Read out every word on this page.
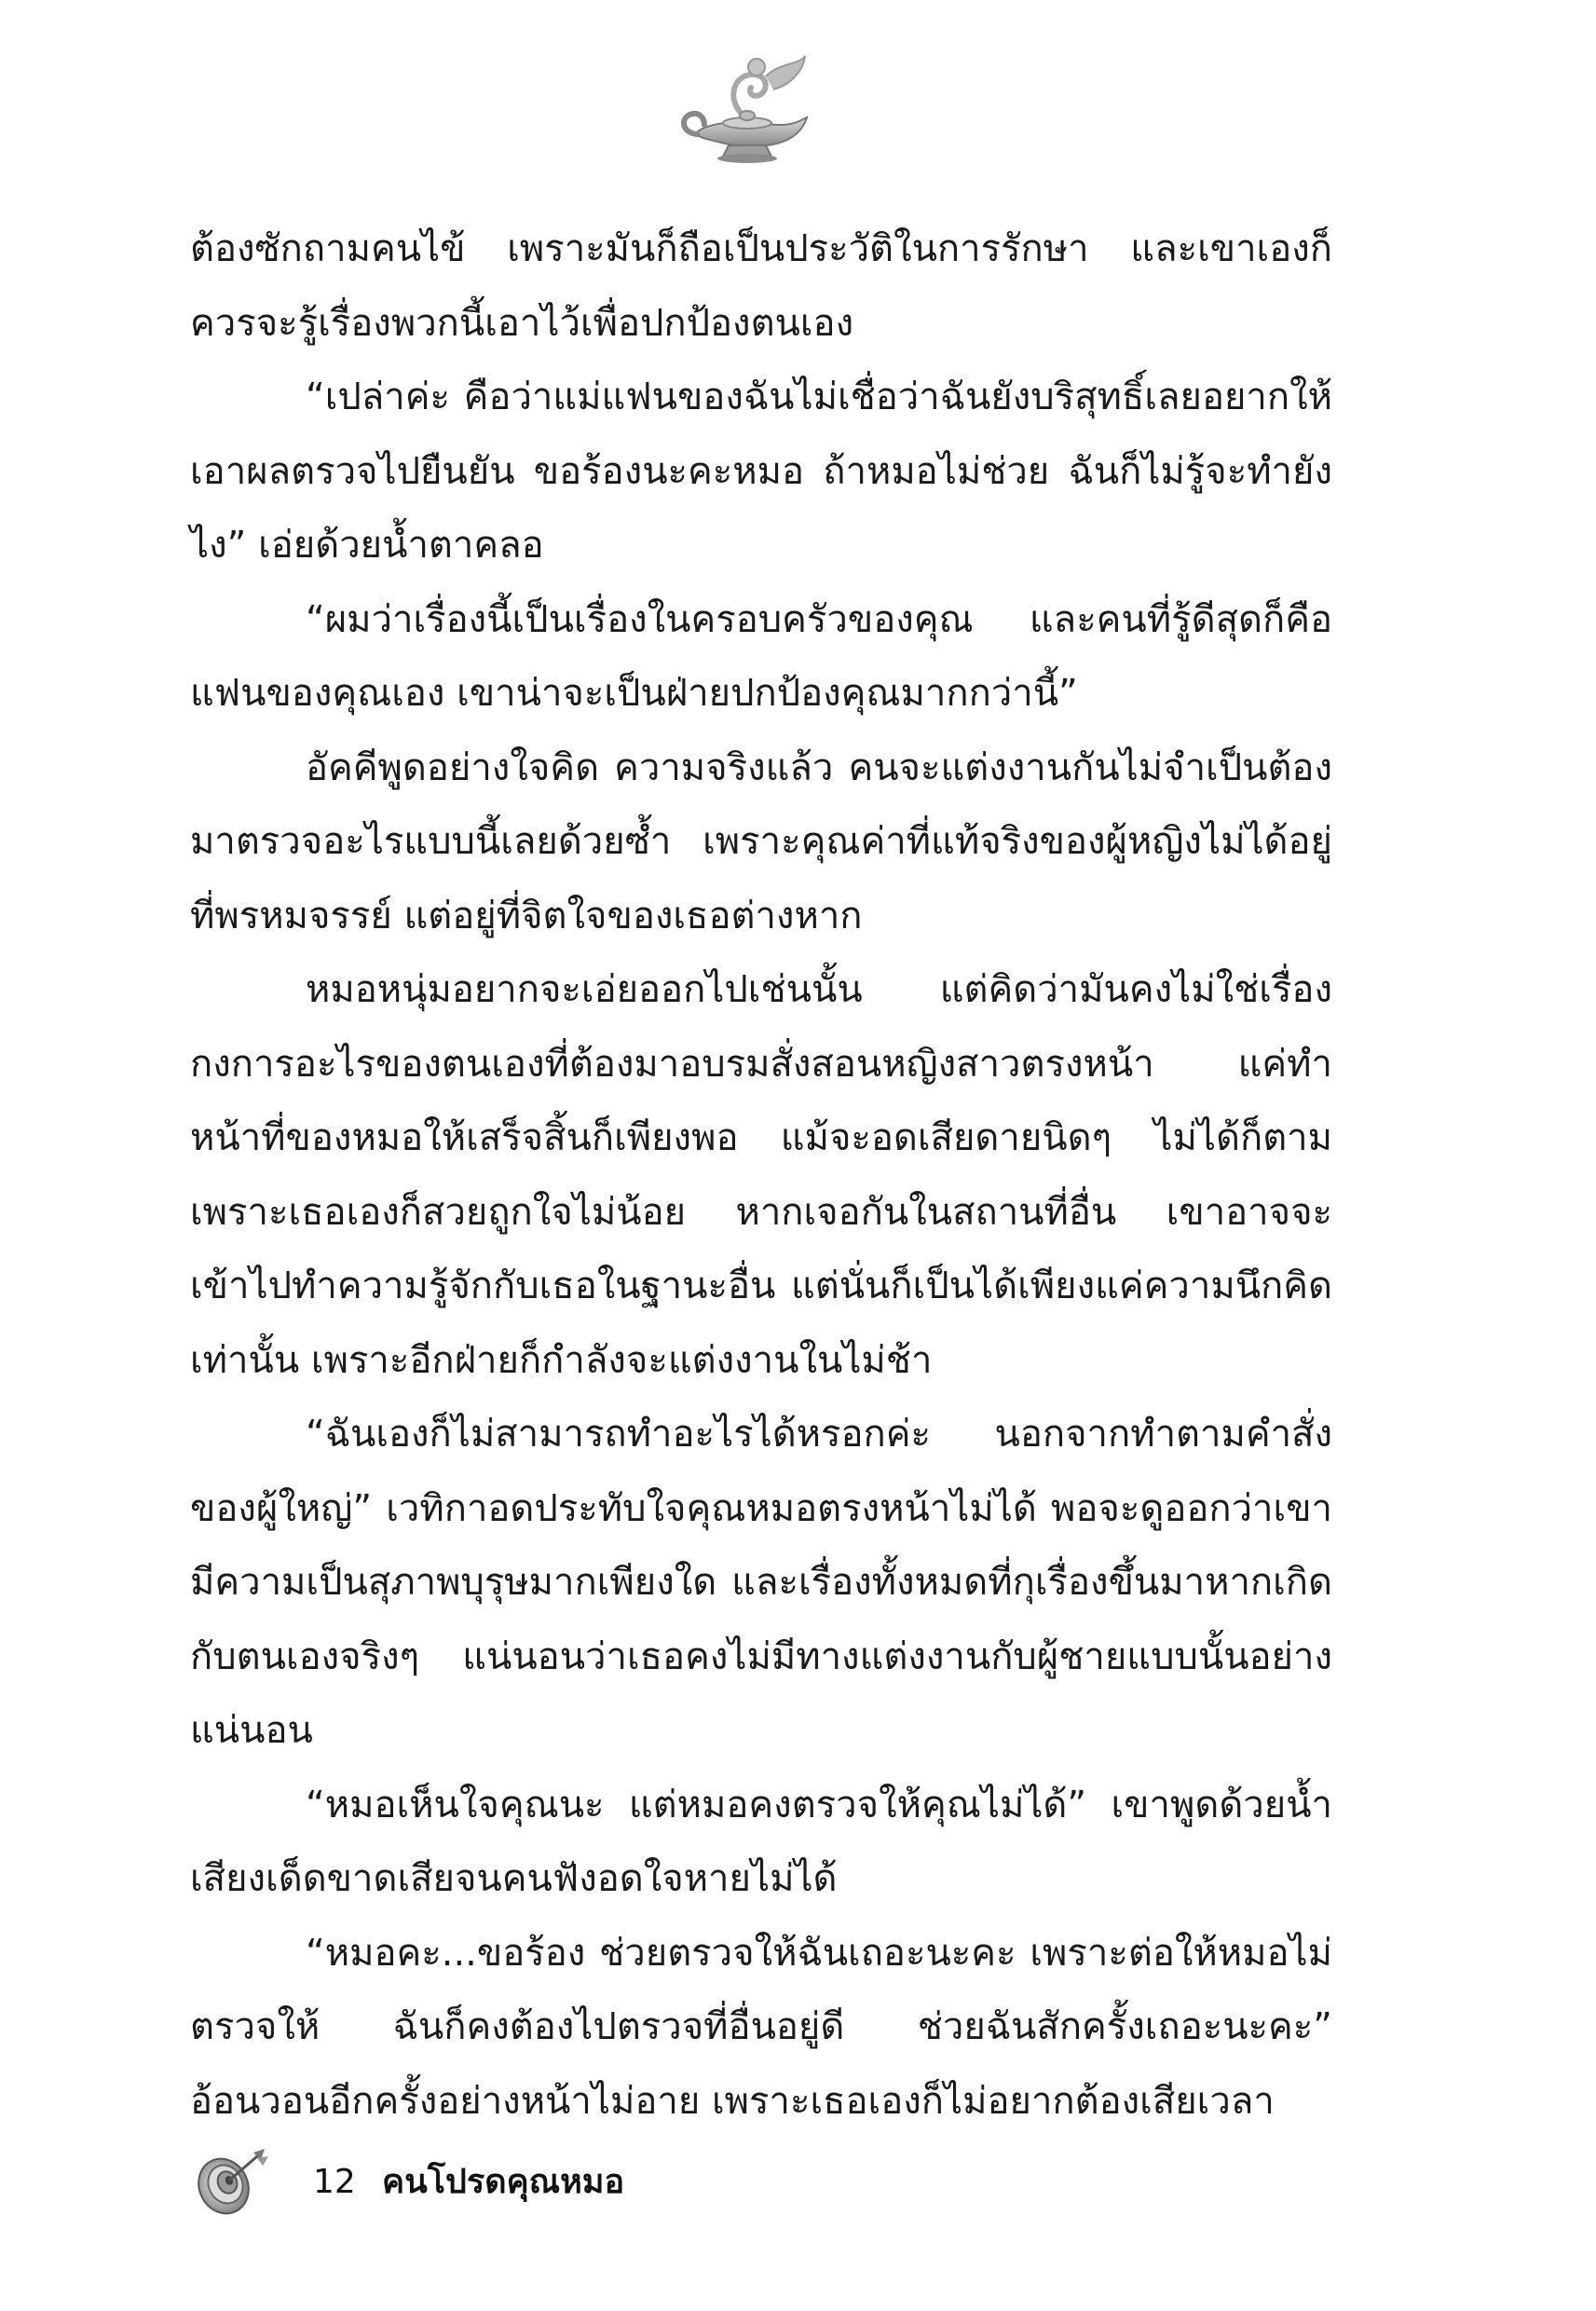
ต้องซักถามคนไข้ เพราะมันก็ถือเป็นประวัติในการรักษา และเขาเองก็ควรจะรู้เรื่องพวกนี้เอาไว้เพื่อปกป้องตนเอง

“เปล่าค่ะ คือว่าแม่แฟนของฉันไม่เชื่อว่าฉันยังบริสุทธิ์เลยอยากให้เอาผลตรวจไปยืนยัน ขอร้องนะคะหมอ ถ้าหมอไม่ช่วย ฉันก็ไม่รู้จะทำยังไง” เอ่ยด้วยน้ำตาคลอ

“ผมว่าเรื่องนี้เป็นเรื่องในครอบครัวของคุณ และคนที่รู้ดีสุดก็คือแฟนของคุณเอง เขาน่าจะเป็นฝ่ายปกป้องคุณมากกว่านี้”

อัคคีพูดอย่างใจคิด ความจริงแล้ว คนจะแต่งงานกันไม่จำเป็นต้องมาตรวจอะไรแบบนี้เลยด้วยซ้ำ เพราะคุณค่าที่แท้จริงของผู้หญิงไม่ได้อยู่ที่พรหมจรรย์ แต่อยู่ที่จิตใจของเธอต่างหาก

หมอหนุ่มอยากจะเอ่ยออกไปเช่นนั้น แต่คิดว่ามันคงไม่ใช่เรื่องกงการอะไรของตนเองที่ต้องมาอบรมสั่งสอนหญิงสาวตรงหน้า แค่ทำหน้าที่ของหมอให้เสร็จสิ้นก็เพียงพอ แม้จะอดเสียดายนิดๆ ไม่ได้ก็ตาม เพราะเธอเองก็สวยถูกใจไม่น้อย หากเจอกันในสถานที่อื่น เขาอาจจะเข้าไปทำความรู้จักกับเธอในฐานะอื่น แต่นั่นก็เป็นได้เพียงแค่ความนึกคิดเท่านั้น เพราะอีกฝ่ายก็กำลังจะแต่งงานในไม่ช้า

“ฉันเองก็ไม่สามารถทำอะไรได้หรอกค่ะ นอกจากทำตามคำสั่งของผู้ใหญ่” เวทิกาอดประทับใจคุณหมอตรงหน้าไม่ได้ พอจะดูออกว่าเขามีความเป็นสุภาพบุรุษมากเพียงใด และเรื่องทั้งหมดที่กุเรื่องขึ้นมาหากเกิดกับตนเองจริงๆ แน่นอนว่าเธอคงไม่มีทางแต่งงานกับผู้ชายแบบนั้นอย่างแน่นอน

“หมอเห็นใจคุณนะ แต่หมอคงตรวจให้คุณไม่ได้” เขาพูดด้วยน้ำเสียงเด็ดขาดเสียจนคนฟังอดใจหายไม่ได้

“หมอคะ...ขอร้อง ช่วยตรวจให้ฉันเถอะนะคะ เพราะต่อให้หมอไม่ตรวจให้ ฉันก็คงต้องไปตรวจที่อื่นอยู่ดี ช่วยฉันสักครั้งเถอะนะคะ” อ้อนวอนอีกครั้งอย่างหน้าไม่อาย เพราะเธอเองก็ไม่อยากต้องเสียเวลา

12 คนโปรดคุณหมอ
